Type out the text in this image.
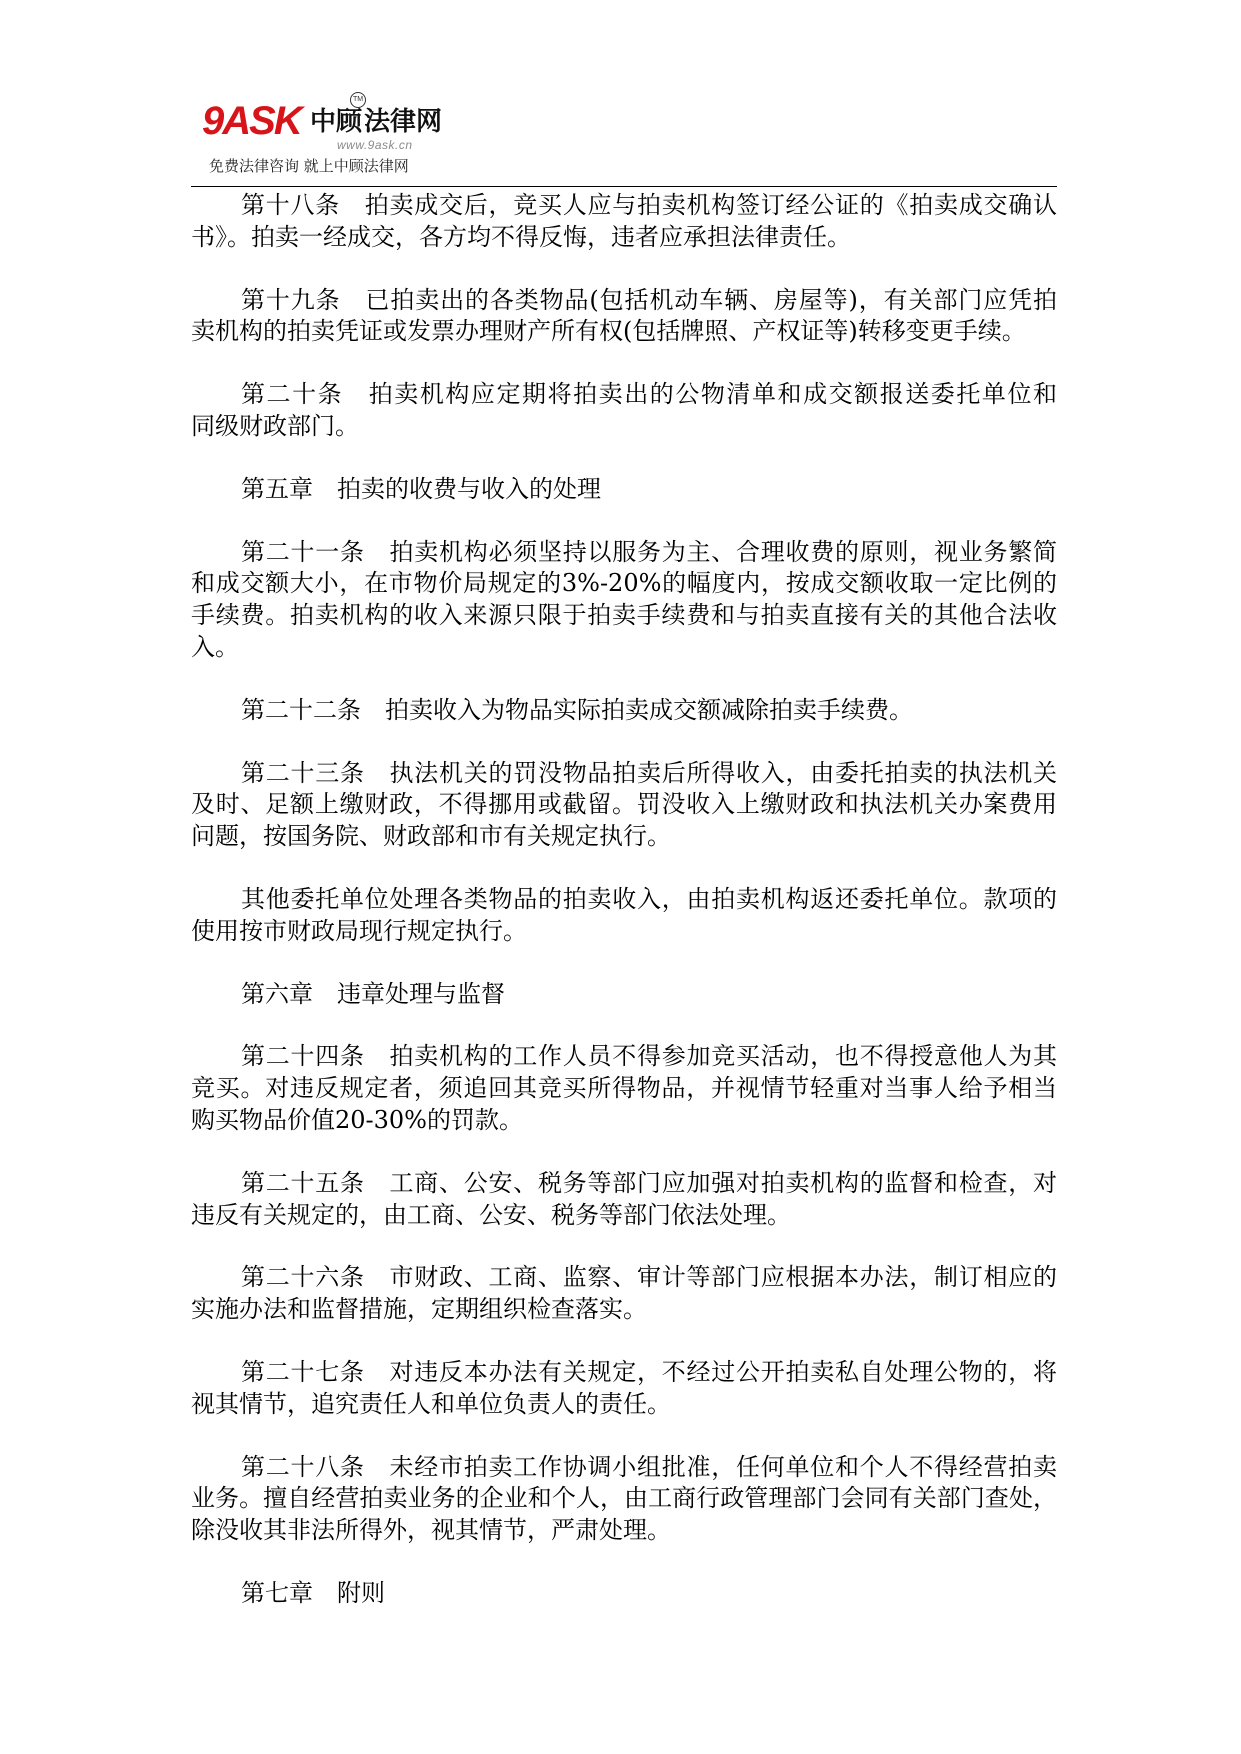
9ASK 中顾
TM
法律网
www.9ask.cn
免费法律咨询 就上中顾法律网
第十八条　拍卖成交后，竞买人应与拍卖机构签订经公证的《拍卖成交确认
书》。拍卖一经成交，各方均不得反悔，违者应承担法律责任。
第十九条　已拍卖出的各类物品(包括机动车辆、房屋等)，有关部门应凭拍
卖机构的拍卖凭证或发票办理财产所有权(包括牌照、产权证等)转移变更手续。
第二十条　拍卖机构应定期将拍卖出的公物清单和成交额报送委托单位和
同级财政部门。
第五章　拍卖的收费与收入的处理
第二十一条　拍卖机构必须坚持以服务为主、合理收费的原则，视业务繁简
和成交额大小，在市物价局规定的3%-20%的幅度内，按成交额收取一定比例的
手续费。拍卖机构的收入来源只限于拍卖手续费和与拍卖直接有关的其他合法收
入。
第二十二条　拍卖收入为物品实际拍卖成交额减除拍卖手续费。
第二十三条　执法机关的罚没物品拍卖后所得收入，由委托拍卖的执法机关
及时、足额上缴财政，不得挪用或截留。罚没收入上缴财政和执法机关办案费用
问题，按国务院、财政部和市有关规定执行。
其他委托单位处理各类物品的拍卖收入，由拍卖机构返还委托单位。款项的
使用按市财政局现行规定执行。
第六章　违章处理与监督
第二十四条　拍卖机构的工作人员不得参加竞买活动，也不得授意他人为其
竞买。对违反规定者，须追回其竞买所得物品，并视情节轻重对当事人给予相当
购买物品价值20-30%的罚款。
第二十五条　工商、公安、税务等部门应加强对拍卖机构的监督和检查，对
违反有关规定的，由工商、公安、税务等部门依法处理。
第二十六条　市财政、工商、监察、审计等部门应根据本办法，制订相应的
实施办法和监督措施，定期组织检查落实。
第二十七条　对违反本办法有关规定，不经过公开拍卖私自处理公物的，将
视其情节，追究责任人和单位负责人的责任。
第二十八条　未经市拍卖工作协调小组批准，任何单位和个人不得经营拍卖
业务。擅自经营拍卖业务的企业和个人，由工商行政管理部门会同有关部门查处，
除没收其非法所得外，视其情节，严肃处理。
第七章　附则
